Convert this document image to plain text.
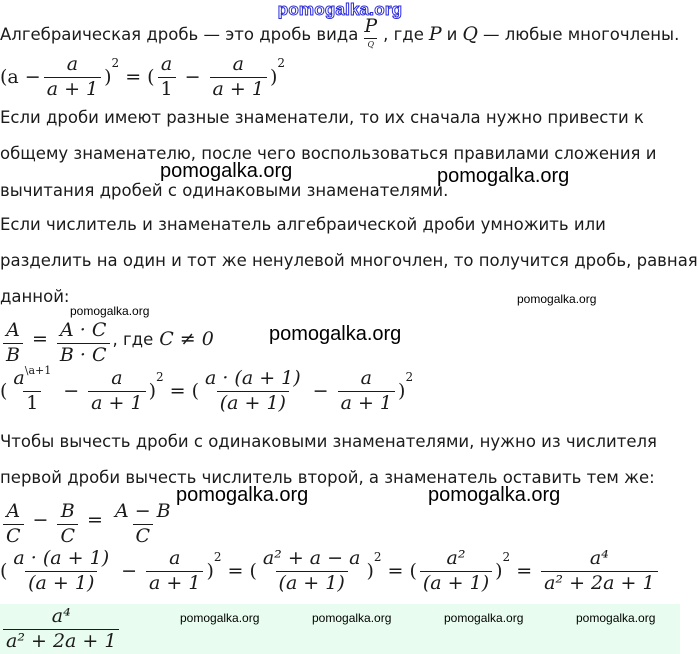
pomogalka.org
Алгебраическая дробь — это дробь вида $\frac{P}{Q}$ , где P и Q — любые многочлены.
($a - \frac{a}{a + 1}$ )
2
= ( $\frac{a}{1} - \frac{a}{a + 1}$ )
2
Если дроби имеют разные знаменатели, то их сначала нужно привести к
общему знаменателю, после чего воспользоваться правилами сложения и
вычитания дробей с одинаковыми знаменателями.
Если числитель и знаменатель алгебраической дроби умножить или
разделить на один и тот же ненулевой многочлен, то получится дробь, равная
данной:
$\frac{A}{B} = \frac{A \cdot C}{B \cdot C}$ , где C ≠ 0
( $\frac{a^{\backslash a+1}}{1} - \frac{a}{a + 1}$ )
2
= ( $\frac{a \cdot (a + 1)}{(a + 1)} - \frac{a}{a + 1}$ )
2
Чтобы вычесть дроби с одинаковыми знаменателями, нужно из числителя
первой дроби вычесть числитель второй, а знаменатель оставить тем же:
$\frac{A}{C} - \frac{B}{C} = \frac{A - B}{C}$
( $\frac{a \cdot (a + 1)}{(a + 1)} - \frac{a}{a + 1}$ )
2
= ( $\frac{\text{a² + a − a}}{(a + 1)}$ )
2
= ( $\frac{\text{a²}}{(a + 1)}$ )
2
= $\frac{\text{a⁴}}{\text{a² + 2a + 1}}$
$\frac{\text{a⁴}}{\text{a² + 2a + 1}}$
pomogalka.org	pomogalka.org
pomogalka.org
pomogalka.org
pomogalka.org
pomogalka.org	pomogalka.org
pomogalka.org	pomogalka.org	pomogalka.org	pomogalka.org
